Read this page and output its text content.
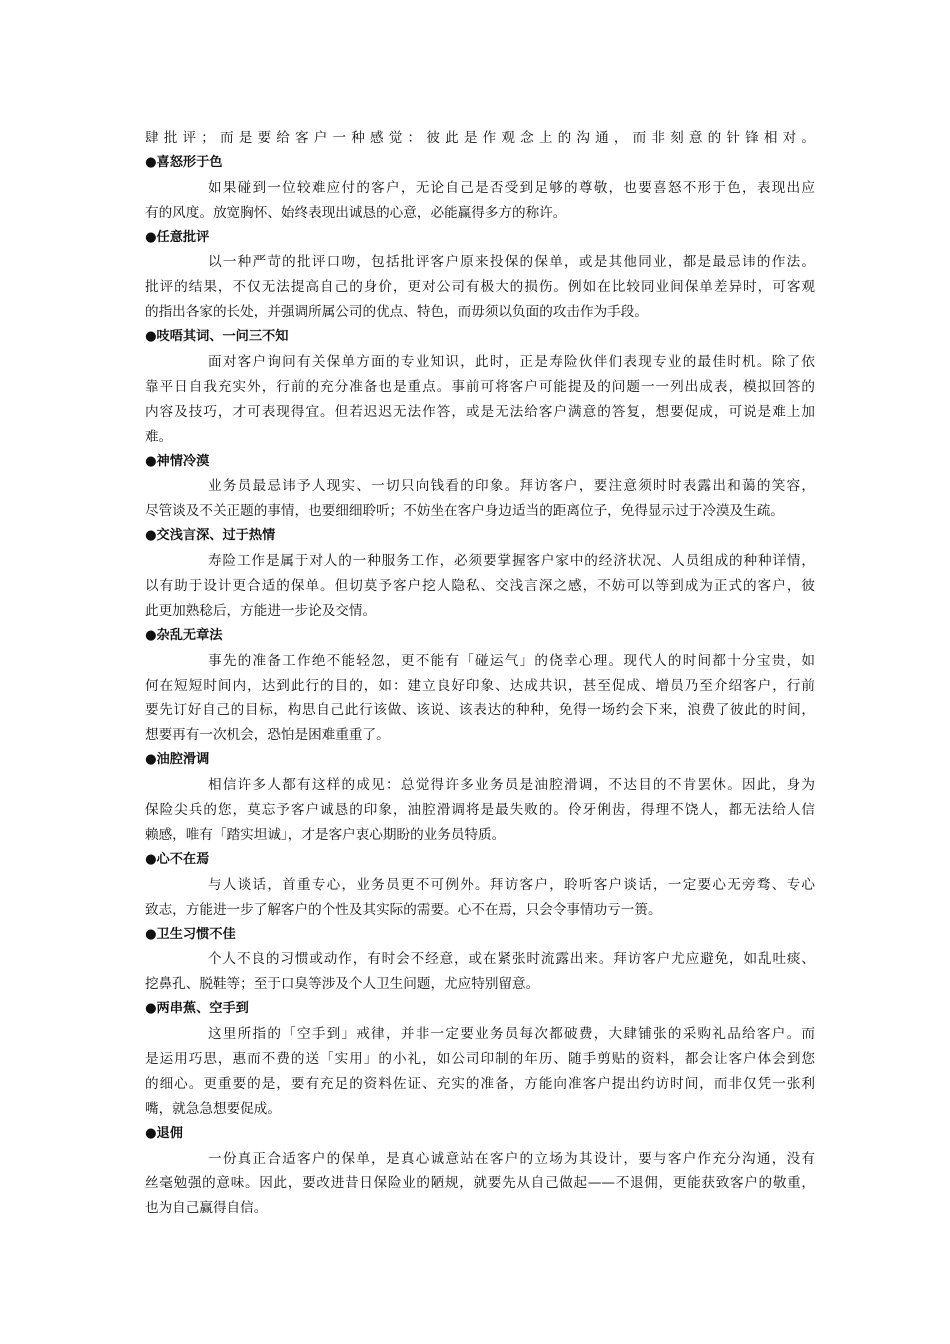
肆批评；而是要给客户一种感觉：彼此是作观念上的沟通，而非刻意的针锋相对。

●喜怒形于色

如果碰到一位较难应付的客户，无论自己是否受到足够的尊敬，也要喜怒不形于色，表现出应

有的风度。放宽胸怀、始终表现出诚恳的心意，必能赢得多方的称许。

●任意批评

以一种严苛的批评口吻，包括批评客户原来投保的保单，或是其他同业，都是最忌讳的作法。

批评的结果，不仅无法提高自己的身价，更对公司有极大的损伤。例如在比较同业间保单差异时，可客观

的指出各家的长处，并强调所属公司的优点、特色，而毋须以负面的攻击作为手段。

●吱唔其词、一问三不知

面对客户询问有关保单方面的专业知识，此时，正是寿险伙伴们表现专业的最佳时机。除了依

靠平日自我充实外，行前的充分准备也是重点。事前可将客户可能提及的问题一一列出成表，模拟回答的

内容及技巧，才可表现得宜。但若迟迟无法作答，或是无法给客户满意的答复，想要促成，可说是难上加

难。

●神情冷漠

业务员最忌讳予人现实、一切只向钱看的印象。拜访客户，要注意须时时表露出和蔼的笑容，

尽管谈及不关正题的事情，也要细细聆听；不妨坐在客户身边适当的距离位子，免得显示过于冷漠及生疏。

●交浅言深、过于热情

寿险工作是属于对人的一种服务工作，必须要掌握客户家中的经济状况、人员组成的种种详情，

以有助于设计更合适的保单。但切莫予客户挖人隐私、交浅言深之感，不妨可以等到成为正式的客户，彼

此更加熟稔后，方能进一步论及交情。

●杂乱无章法

事先的准备工作绝不能轻忽，更不能有「碰运气」的侥幸心理。现代人的时间都十分宝贵，如

何在短短时间内，达到此行的目的，如：建立良好印象、达成共识，甚至促成、增员乃至介绍客户，行前

要先订好自己的目标，构思自己此行该做、该说、该表达的种种，免得一场约会下来，浪费了彼此的时间，

想要再有一次机会，恐怕是困难重重了。

●油腔滑调

相信许多人都有这样的成见：总觉得许多业务员是油腔滑调，不达目的不肯罢休。因此，身为

保险尖兵的您，莫忘予客户诚恳的印象，油腔滑调将是最失败的。伶牙俐齿，得理不饶人，都无法给人信

赖感，唯有「踏实坦诚」，才是客户衷心期盼的业务员特质。

●心不在焉

与人谈话，首重专心，业务员更不可例外。拜访客户，聆听客户谈话，一定要心无旁骛、专心

致志，方能进一步了解客户的个性及其实际的需要。心不在焉，只会令事情功亏一篑。

●卫生习惯不佳

个人不良的习惯或动作，有时会不经意，或在紧张时流露出来。拜访客户尤应避免，如乱吐痰、

挖鼻孔、脱鞋等；至于口臭等涉及个人卫生问题，尤应特别留意。

●两串蕉、空手到

这里所指的「空手到」戒律，并非一定要业务员每次都破费，大肆铺张的采购礼品给客户。而

是运用巧思，惠而不费的送「实用」的小礼，如公司印制的年历、随手剪贴的资料，都会让客户体会到您

的细心。更重要的是，要有充足的资料佐证、充实的准备，方能向准客户提出约访时间，而非仅凭一张利

嘴，就急急想要促成。

●退佣

一份真正合适客户的保单，是真心诚意站在客户的立场为其设计，要与客户作充分沟通，没有

丝毫勉强的意味。因此，要改进昔日保险业的陋规，就要先从自己做起——不退佣，更能获致客户的敬重，

也为自己赢得自信。
